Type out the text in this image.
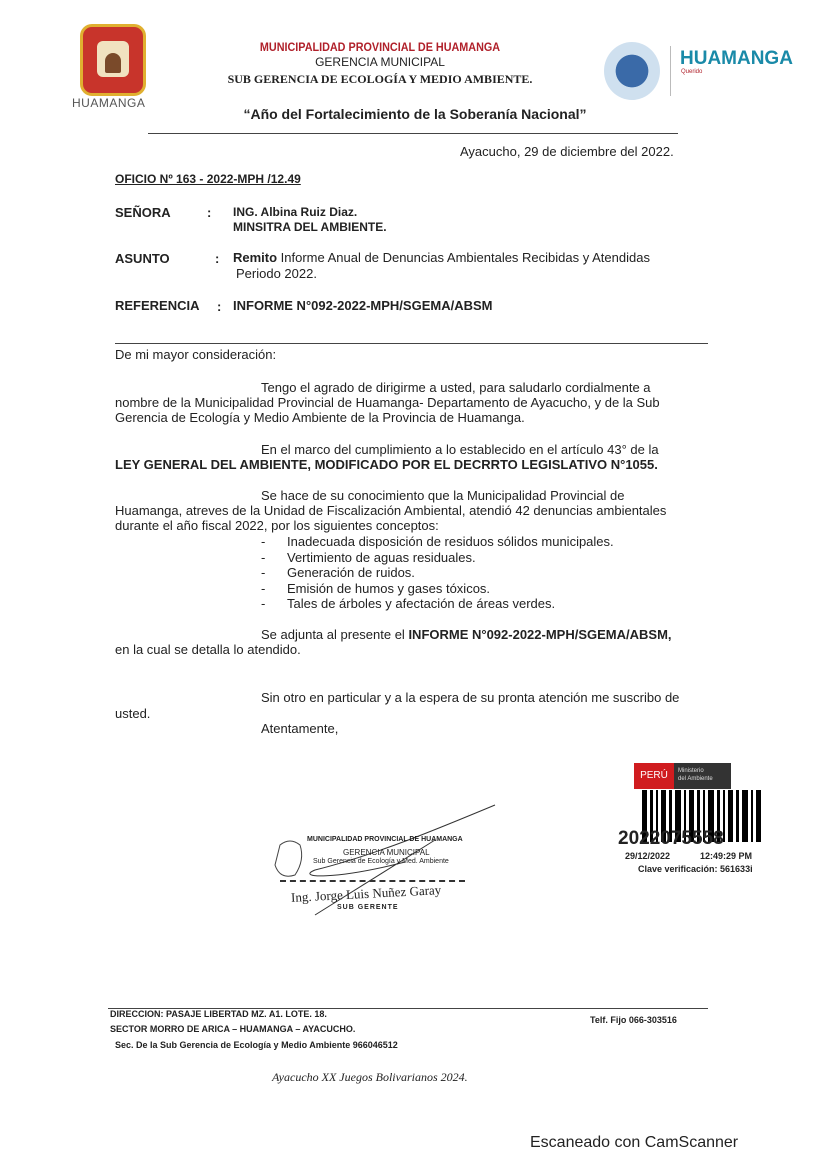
HUAMANGA
MUNICIPALIDAD PROVINCIAL DE HUAMANGA
GERENCIA MUNICIPAL
SUB GERENCIA DE ECOLOGÍA Y MEDIO AMBIENTE.
HUAMANGA
Querido
“Año del Fortalecimiento de la Soberanía Nacional”
Ayacucho, 29 de diciembre del 2022.
OFICIO Nº 163 - 2022-MPH /12.49
SEÑORA	: ING. Albina Ruiz Diaz.
MINSITRA DEL AMBIENTE.
ASUNTO	: Remito Informe Anual de Denuncias Ambientales Recibidas y Atendidas
Periodo 2022.
REFERENCIA : INFORME N°092-2022-MPH/SGEMA/ABSM
De mi mayor consideración:
Tengo el agrado de dirigirme a usted, para saludarlo cordialmente a
nombre de la Municipalidad Provincial de Huamanga- Departamento de Ayacucho, y de la Sub
Gerencia de Ecología y Medio Ambiente de la Provincia de Huamanga.
En el marco del cumplimiento a lo establecido en el artículo 43° de la
LEY GENERAL DEL AMBIENTE, MODIFICADO POR EL DECRRTO LEGISLATIVO N°1055.
Se hace de su conocimiento que la Municipalidad Provincial de
Huamanga, atreves de la Unidad de Fiscalización Ambiental, atendió 42 denuncias ambientales
durante el año fiscal 2022, por los siguientes conceptos:
- Inadecuada disposición de residuos sólidos municipales.
- Vertimiento de aguas residuales.
- Generación de ruidos.
- Emisión de humos y gases tóxicos.
- Tales de árboles y afectación de áreas verdes.
Se adjunta al presente el INFORME N°092-2022-MPH/SGEMA/ABSM,
en la cual se detalla lo atendido.
Sin otro en particular y a la espera de su pronta atención me suscribo de
usted.
Atentamente,
PERÚ	Ministerio
del Ambiente
2022075558
29/12/2022	12:49:29 PM
Clave verificación: 561633i
MUNICIPALIDAD PROVINCIAL DE HUAMANGA
GERENCIA MUNICIPAL
Sub Gerencia de Ecología y Med. Ambiente
Ing. Jorge Luis Nuñez Garay
SUB GERENTE
DIRECCION: PASAJE LIBERTAD MZ. A1. LOTE. 18.
SECTOR MORRO DE ARICA – HUAMANGA – AYACUCHO.
Sec. De la Sub Gerencia de Ecología y Medio Ambiente 966046512
Telf. Fijo 066-303516
Ayacucho XX Juegos Bolivarianos 2024.
Escaneado con CamScanner
